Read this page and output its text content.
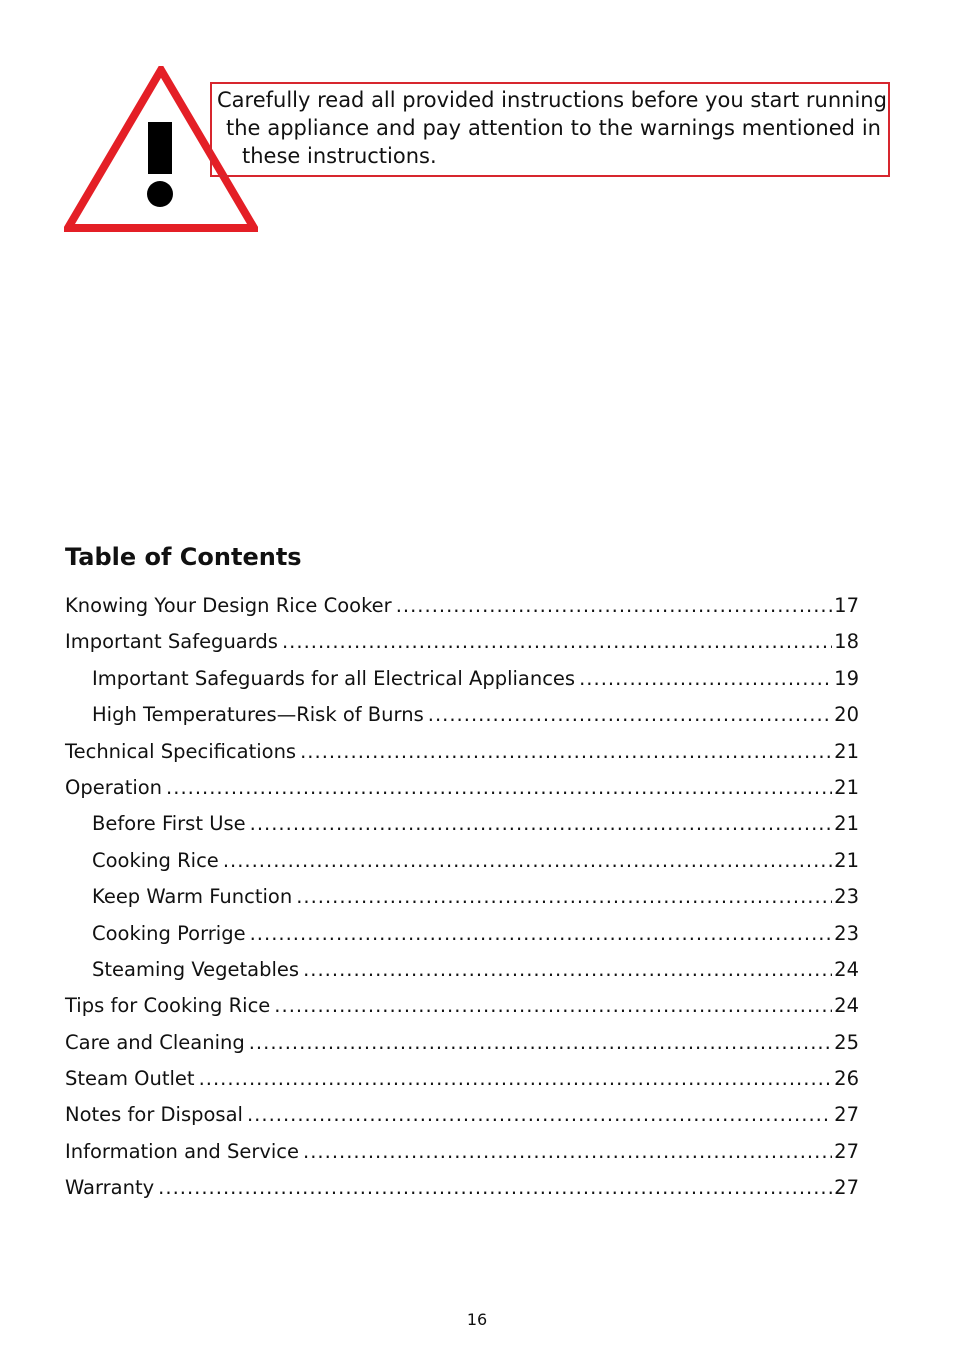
Carefully read all provided instructions before you start running
the appliance and pay attention to the warnings mentioned in
these instructions.

Table of Contents
Knowing Your Design Rice Cooker .....	17
Important Safeguards .....	18
Important Safeguards for all Electrical Appliances .....	19
High Temperatures—Risk of Burns .....	20
Technical Specifications .....	21
Operation .....	21
Before First Use .....	21
Cooking Rice .....	21
Keep Warm Function .....	23
Cooking Porrige .....	23
Steaming Vegetables .....	24
Tips for Cooking Rice .....	24
Care and Cleaning .....	25
Steam Outlet .....	26
Notes for Disposal .....	27
Information and Service .....	27
Warranty .....	27

16
